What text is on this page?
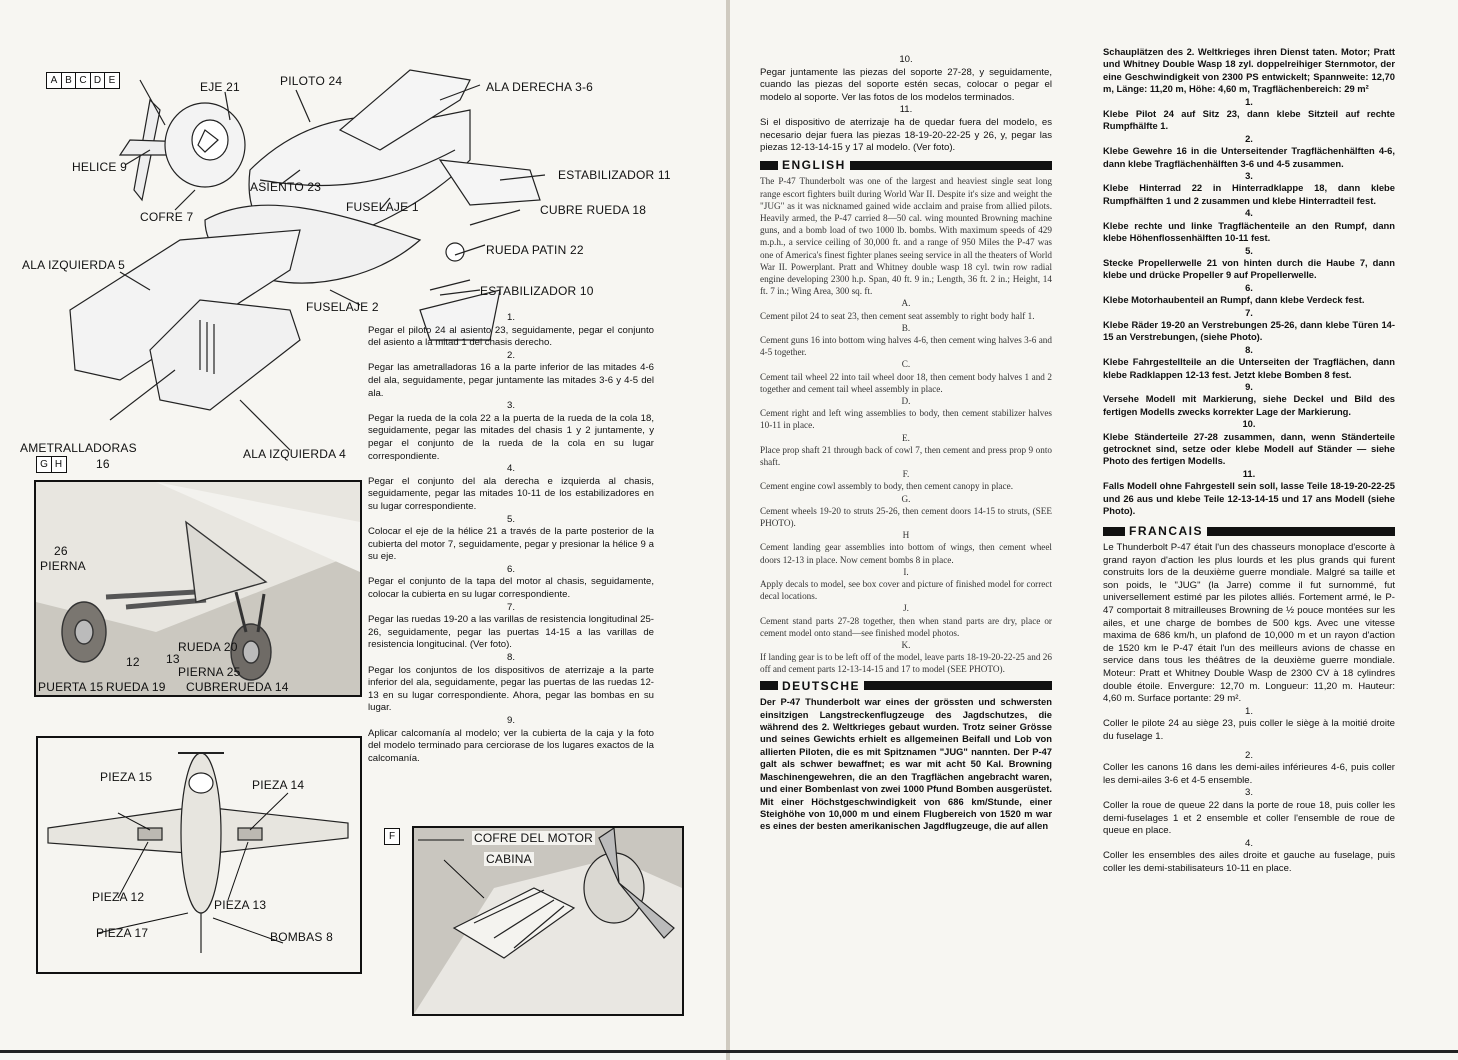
A B C D E	EJE 21	PILOTO 24	ALA DERECHA 3-6
HELICE 9
ASIENTO 23
ESTABILIZADOR 11
COFRE 7
FUSELAJE 1	CUBRE RUEDA 18
RUEDA PATIN 22
ALA IZQUIERDA 5
ESTABILIZADOR 10
FUSELAJE 2
AMETRALLADORAS
16
ALA IZQUIERDA 4
G H
26
PIERNA
RUEDA 20
12 13
PIERNA 25
PUERTA 15 RUEDA 19 CUBRERUEDA 14
PIEZA 15
PIEZA 14
PIEZA 12
PIEZA 13
PIEZA 17	BOMBAS 8
F	COFRE DEL MOTOR
CABINA

1.

Pegar el piloto 24 al asiento 23, seguidamente, pegar el conjunto del asiento a la mitad 1 del chasis derecho.

2.

Pegar las ametralladoras 16 a la parte inferior de las mitades 4-6 del ala, seguidamente, pegar juntamente las mitades 3-6 y 4-5 del ala.

3.

Pegar la rueda de la cola 22 a la puerta de la rueda de la cola 18, seguidamente, pegar las mitades del chasis 1 y 2 juntamente, y pegar el conjunto de la rueda de la cola en su lugar correspondiente.

4.

Pegar el conjunto del ala derecha e izquierda al chasis, seguidamente, pegar las mitades 10-11 de los estabilizadores en su lugar correspondiente.

5.

Colocar el eje de la hélice 21 a través de la parte posterior de la cubierta del motor 7, seguidamente, pegar y presionar la hélice 9 a su eje.

6.

Pegar el conjunto de la tapa del motor al chasis, seguidamente, colocar la cubierta en su lugar correspondiente.

7.

Pegar las ruedas 19-20 a las varillas de resistencia longitudinal 25-26, seguidamente, pegar las puertas 14-15 a las varillas de resistencia longitucinal. (Ver foto).

8.

Pegar los conjuntos de los dispositivos de aterrizaje a la parte inferior del ala, seguidamente, pegar las puertas de las ruedas 12-13 en su lugar correspondiente. Ahora, pegar las bombas en su lugar.

9.

Aplicar calcomanía al modelo; ver la cubierta de la caja y la foto del modelo terminado para cerciorase de los lugares exactos de la calcomanía.

10.

Pegar juntamente las piezas del soporte 27-28, y seguidamente, cuando las piezas del soporte estén secas, colocar o pegar el modelo al soporte. Ver las fotos de los modelos terminados.

11.

Si el dispositivo de aterrizaje ha de quedar fuera del modelo, es necesario dejar fuera las piezas 18-19-20-22-25 y 26, y, pegar las piezas 12-13-14-15 y 17 al modelo. (Ver foto).

ENGLISH

The P-47 Thunderbolt was one of the largest and heaviest single seat long range escort fighters built during World War II. Despite it's size and weight the "JUG" as it was nicknamed gained wide acclaim and praise from allied pilots. Heavily armed, the P-47 carried 8—50 cal. wing mounted Browning machine guns, and a bomb load of two 1000 lb. bombs. With maximum speeds of 429 m.p.h., a service ceiling of 30,000 ft. and a range of 950 Miles the P-47 was one of America's finest fighter planes seeing service in all the theaters of World War II. Powerplant. Pratt and Whitney double wasp 18 cyl. twin row radial engine developing 2300 h.p. Span, 40 ft. 9 in.; Length, 36 ft. 2 in.; Height, 14 ft. 7 in.; Wing Area, 300 sq. ft.

A.

Cement pilot 24 to seat 23, then cement seat assembly to right body half 1.

B.

Cement guns 16 into bottom wing halves 4-6, then cement wing halves 3-6 and 4-5 together.

C.

Cement tail wheel 22 into tail wheel door 18, then cement body halves 1 and 2 together and cement tail wheel assembly in place.

D.

Cement right and left wing assemblies to body, then cement stabilizer halves 10-11 in place.

E.

Place prop shaft 21 through back of cowl 7, then cement and press prop 9 onto shaft.

F.

Cement engine cowl assembly to body, then cement canopy in place.

G.

Cement wheels 19-20 to struts 25-26, then cement doors 14-15 to struts, (SEE PHOTO).

H

Cement landing gear assemblies into bottom of wings, then cement wheel doors 12-13 in place. Now cement bombs 8 in place.

I.

Apply decals to model, see box cover and picture of finished model for correct decal locations.

J.

Cement stand parts 27-28 together, then when stand parts are dry, place or cement model onto stand—see finished model photos.

K.

If landing gear is to be left off of the model, leave parts 18-19-20-22-25 and 26 off and cement parts 12-13-14-15 and 17 to model (SEE PHOTO).

DEUTSCHE

Der P-47 Thunderbolt war eines der grössten und schwersten einsitzigen Langstreckenflugzeuge des Jagdschutzes, die während des 2. Weltkrieges gebaut wurden. Trotz seiner Grösse und seines Gewichts erhielt es allgemeinen Beifall und Lob von allierten Piloten, die es mit Spitznamen "JUG" nannten. Der P-47 galt als schwer bewaffnet; es war mit acht 50 Kal. Browning Maschinengewehren, die an den Tragflächen angebracht waren, und einer Bombenlast von zwei 1000 Pfund Bomben ausgerüstet. Mit einer Höchstgeschwindigkeit von 686 km/Stunde, einer Steighöhe von 10,000 m und einem Flugbereich von 1520 m war es eines der besten amerikanischen Jagdflugzeuge, die auf allen

Schauplätzen des 2. Weltkrieges ihren Dienst taten. Motor; Pratt und Whitney Double Wasp 18 zyl. doppelreihiger Sternmotor, der eine Geschwindigkeit von 2300 PS entwickelt; Spannweite: 12,70 m, Länge: 11,20 m, Höhe: 4,60 m, Tragflächenbereich: 29 m²

1.

Klebe Pilot 24 auf Sitz 23, dann klebe Sitzteil auf rechte Rumpfhälfte 1.

2.

Klebe Gewehre 16 in die Unterseitender Tragflächenhälften 4-6, dann klebe Tragflächenhälften 3-6 und 4-5 zusammen.

3.

Klebe Hinterrad 22 in Hinterradklappe 18, dann klebe Rumpfhälften 1 und 2 zusammen und klebe Hinterradteil fest.

4.

Klebe rechte und linke Tragflächenteile an den Rumpf, dann klebe Höhenflossenhälften 10-11 fest.

5.

Stecke Propellerwelle 21 von hinten durch die Haube 7, dann klebe und drücke Propeller 9 auf Propellerwelle.

6.

Klebe Motorhaubenteil an Rumpf, dann klebe Verdeck fest.

7.

Klebe Räder 19-20 an Verstrebungen 25-26, dann klebe Türen 14-15 an Verstrebungen, (siehe Photo).

8.

Klebe Fahrgestellteile an die Unterseiten der Tragflächen, dann klebe Radklappen 12-13 fest. Jetzt klebe Bomben 8 fest.

9.

Versehe Modell mit Markierung, siehe Deckel und Bild des fertigen Modells zwecks korrekter Lage der Markierung.

10.

Klebe Ständerteile 27-28 zusammen, dann, wenn Ständerteile getrocknet sind, setze oder klebe Modell auf Ständer — siehe Photo des fertigen Modells.

11.

Falls Modell ohne Fahrgestell sein soll, lasse Teile 18-19-20-22-25 und 26 aus und klebe Teile 12-13-14-15 und 17 ans Modell (siehe Photo).

FRANCAIS

Le Thunderbolt P-47 était l'un des chasseurs monoplace d'escorte à grand rayon d'action les plus lourds et les plus grands qui furent construits lors de la deuxième guerre mondiale. Malgré sa taille et son poids, le "JUG" (la Jarre) comme il fut surnommé, fut universellement estimé par les pilotes alliés. Fortement armé, le P-47 comportait 8 mitrailleuses Browning de ½ pouce montées sur les ailes, et une charge de bombes de 500 kgs. Avec une vitesse maxima de 686 km/h, un plafond de 10,000 m et un rayon d'action de 1520 km le P-47 était l'un des meilleurs avions de chasse en service dans tous les théâtres de la deuxième guerre mondiale. Moteur: Pratt et Whitney Double Wasp de 2300 CV à 18 cylindres double étoile. Envergure: 12,70 m. Longueur: 11,20 m. Hauteur: 4,60 m. Surface portante: 29 m².

1.

Coller le pilote 24 au siège 23, puis coller le siège à la moitié droite du fuselage 1.

2.

Coller les canons 16 dans les demi-ailes inférieures 4-6, puis coller les demi-ailes 3-6 et 4-5 ensemble.

3.

Coller la roue de queue 22 dans la porte de roue 18, puis coller les demi-fuselages 1 et 2 ensemble et coller l'ensemble de roue de queue en place.

4.

Coller les ensembles des ailes droite et gauche au fuselage, puis coller les demi-stabilisateurs 10-11 en place.
